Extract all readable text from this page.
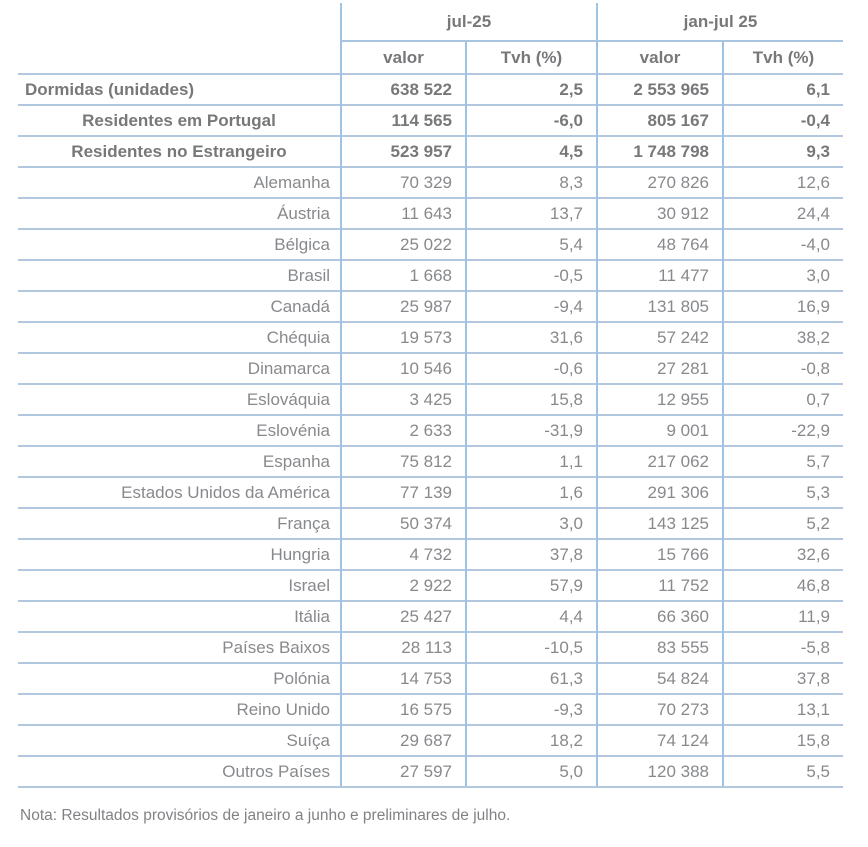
	jul-25		jan-jul 25	
	valor	Tvh (%)	valor	Tvh (%)
Dormidas (unidades)	638 522	2,5	2 553 965	6,1
Residentes em Portugal	114 565	-6,0	805 167	-0,4
Residentes no Estrangeiro	523 957	4,5	1 748 798	9,3
Alemanha	70 329	8,3	270 826	12,6
Áustria	11 643	13,7	30 912	24,4
Bélgica	25 022	5,4	48 764	-4,0
Brasil	1 668	-0,5	11 477	3,0
Canadá	25 987	-9,4	131 805	16,9
Chéquia	19 573	31,6	57 242	38,2
Dinamarca	10 546	-0,6	27 281	-0,8
Eslováquia	3 425	15,8	12 955	0,7
Eslovénia	2 633	-31,9	9 001	-22,9
Espanha	75 812	1,1	217 062	5,7
Estados Unidos da América	77 139	1,6	291 306	5,3
França	50 374	3,0	143 125	5,2
Hungria	4 732	37,8	15 766	32,6
Israel	2 922	57,9	11 752	46,8
Itália	25 427	4,4	66 360	11,9
Países Baixos	28 113	-10,5	83 555	-5,8
Polónia	14 753	61,3	54 824	37,8
Reino Unido	16 575	-9,3	70 273	13,1
Suíça	29 687	18,2	74 124	15,8
Outros Países	27 597	5,0	120 388	5,5

Nota: Resultados provisórios de janeiro a junho e preliminares de julho.
